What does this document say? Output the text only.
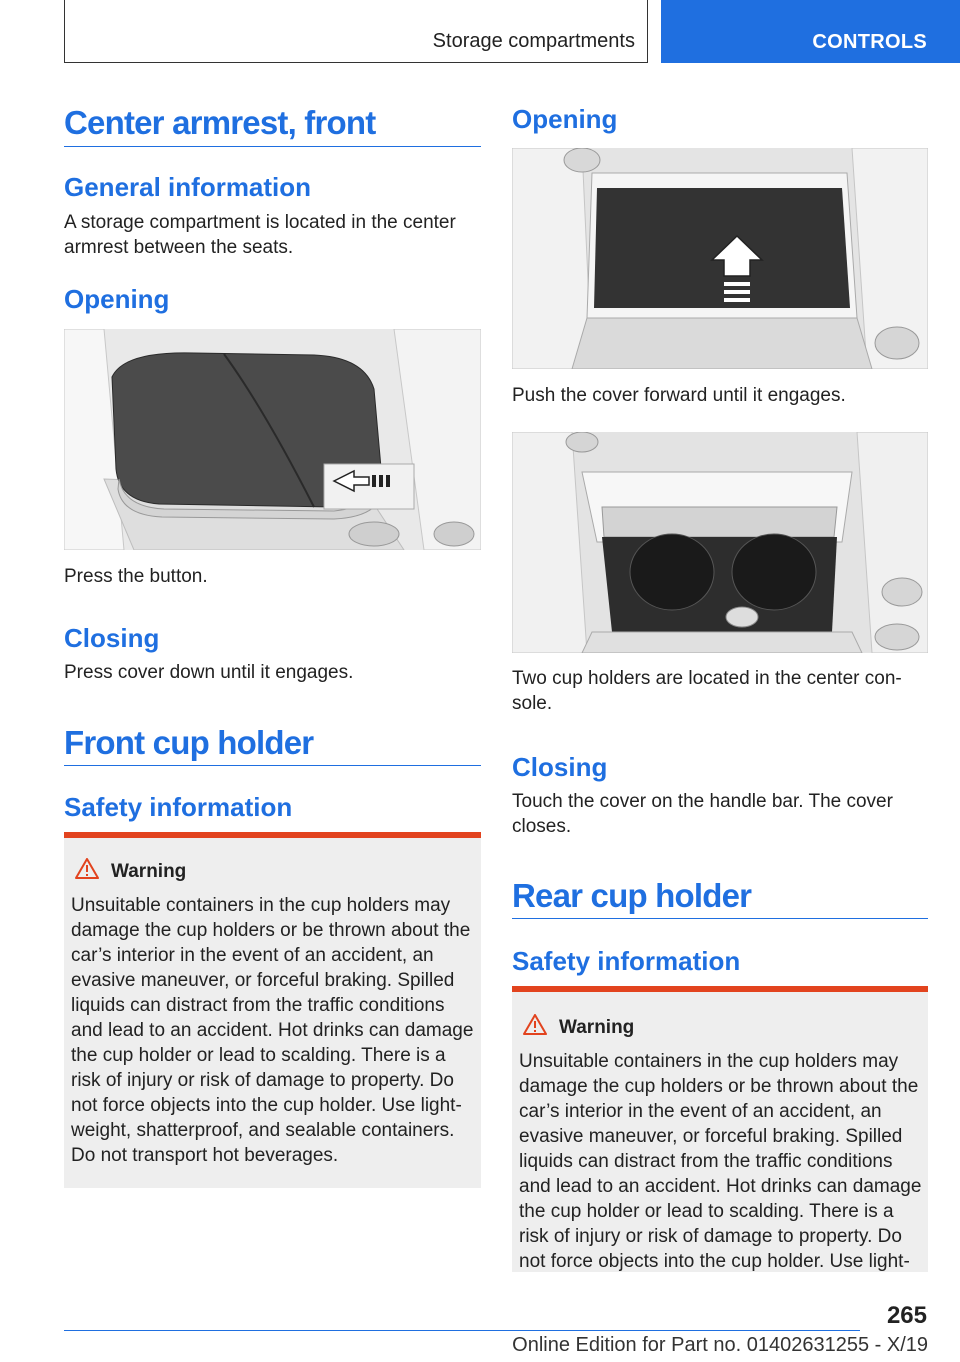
Storage compartments	CONTROLS
Center armrest, front
General information

A storage compartment is located in the center armrest between the seats.

Opening

Press the button.

Closing

Press cover down until it engages.

Front cup holder
Safety information
Warning

Unsuitable containers in the cup holders may damage the cup holders or be thrown about the car’s interior in the event of an accident, an evasive maneuver, or forceful braking. Spilled liquids can distract from the traffic conditions and lead to an accident. Hot drinks can damage the cup holder or lead to scalding. There is a risk of injury or risk of damage to property. Do not force objects into the cup holder. Use light-weight, shatterproof, and sealable containers. Do not transport hot beverages.

Opening

Push the cover forward until it engages.

Two cup holders are located in the center con-sole.

Closing

Touch the cover on the handle bar. The cover closes.

Rear cup holder
Safety information
Warning

Unsuitable containers in the cup holders may damage the cup holders or be thrown about the car’s interior in the event of an accident, an evasive maneuver, or forceful braking. Spilled liquids can distract from the traffic conditions and lead to an accident. Hot drinks can damage the cup holder or lead to scalding. There is a risk of injury or risk of damage to property. Do not force objects into the cup holder. Use light-

265
Online Edition for Part no. 01402631255 - X/19
